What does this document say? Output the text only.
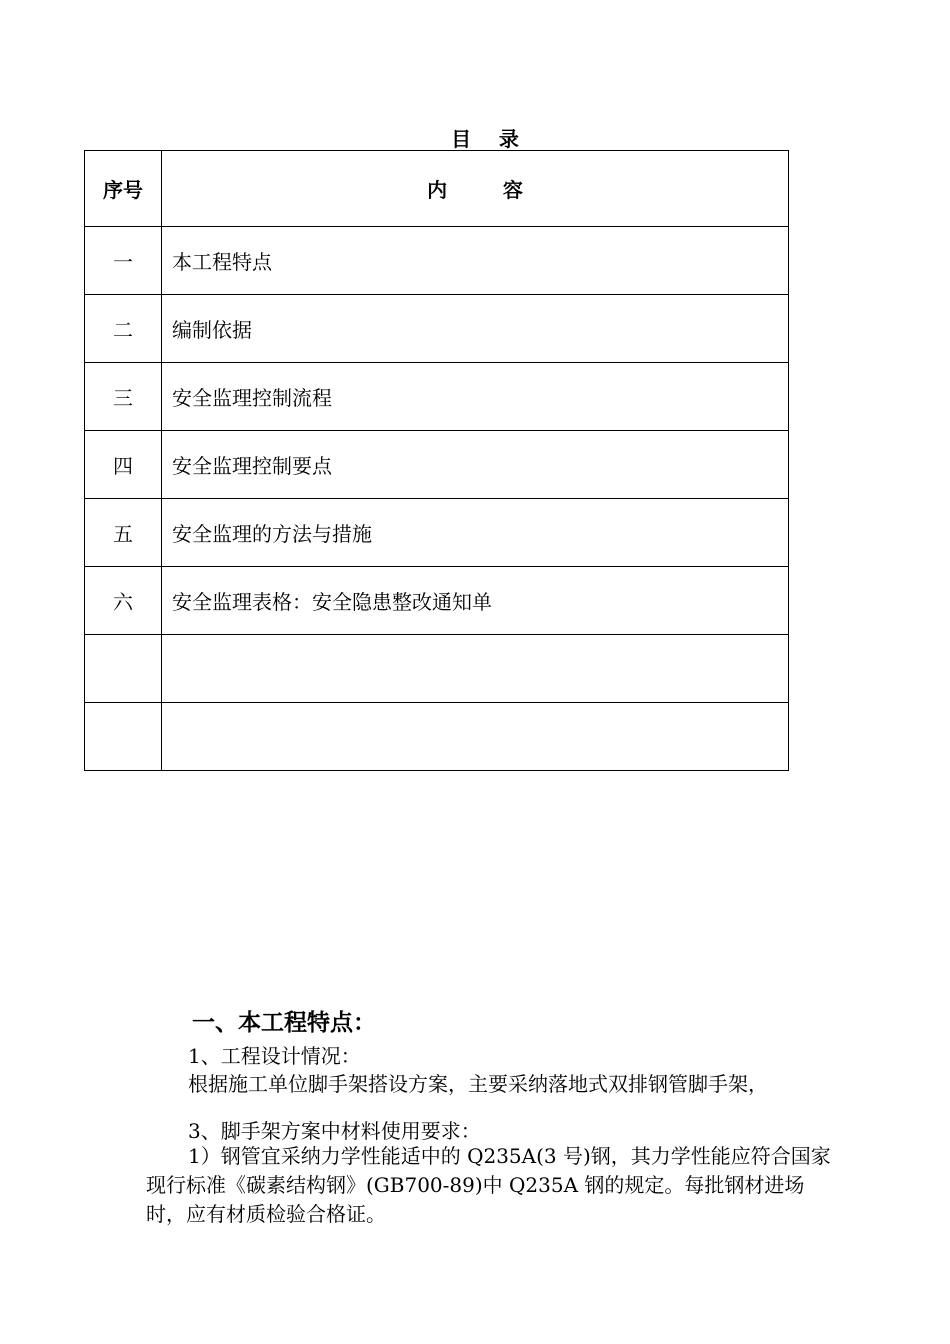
目    录
序号	内        容
一	本工程特点
二	编制依据
三	安全监理控制流程
四	安全监理控制要点
五	安全监理的方法与措施
六	安全监理表格：安全隐患整改通知单

一、本工程特点：
1、工程设计情况：
根据施工单位脚手架搭设方案，主要采纳落地式双排钢管脚手架，
3、脚手架方案中材料使用要求：
1）钢管宜采纳力学性能适中的 Q235A(3 号)钢，其力学性能应符合国家现行标准《碳素结构钢》(GB700-89)中 Q235A 钢的规定。每批钢材进场时，应有材质检验合格证。
